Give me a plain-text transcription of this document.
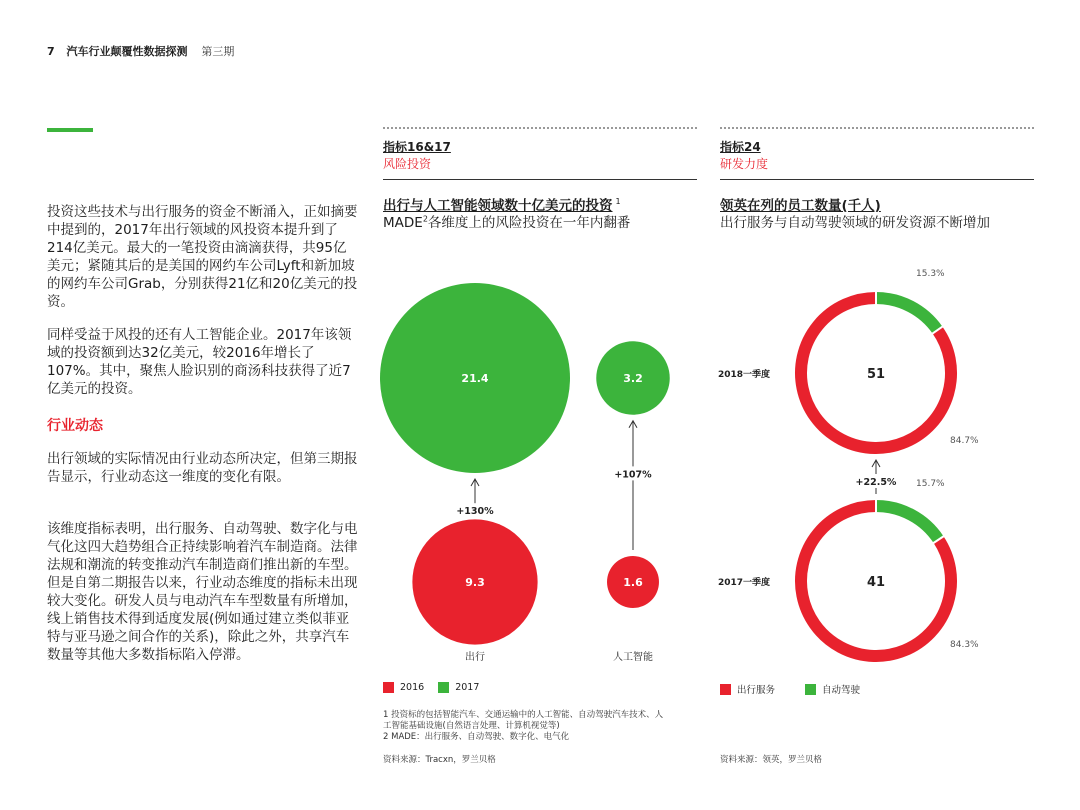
7 汽车行业颠覆性数据探测 第三期

投资这些技术与出行服务的资金不断涌入，正如摘要中提到的，2017年出行领域的风投资本提升到了214亿美元。最大的一笔投资由滴滴获得，共95亿美元；紧随其后的是美国的网约车公司Lyft和新加坡的网约车公司Grab，分别获得21亿和20亿美元的投资。

同样受益于风投的还有人工智能企业。2017年该领域的投资额到达32亿美元，较2016年增长了107%。其中，聚焦人脸识别的商汤科技获得了近7亿美元的投资。

行业动态

出行领域的实际情况由行业动态所决定，但第三期报告显示，行业动态这一维度的变化有限。

该维度指标表明，出行服务、自动驾驶、数字化与电气化这四大趋势组合正持续影响着汽车制造商。法律法规和潮流的转变推动汽车制造商们推出新的车型。但是自第二期报告以来，行业动态维度的指标未出现较大变化。研发人员与电动汽车车型数量有所增加，线上销售技术得到适度发展(例如通过建立类似菲亚特与亚马逊之间合作的关系)，除此之外，共享汽车数量等其他大多数指标陷入停滞。

指标16&17
风险投资
出行与人工智能领域数十亿美元的投资 $^1$
MADE$^2$各维度上的风险投资在一年内翻番
+130%
21.4
9.3
出行
+107%
3.2
1.6
人工智能
2016	2017
1 投资标的包括智能汽车、交通运输中的人工智能、自动驾驶汽车技术、人
工智能基础设施(自然语言处理、计算机视觉等)
2 MADE：出行服务、自动驾驶、数字化、电气化
资料来源：Tracxn，罗兰贝格
指标24
研发力度
领英在列的员工数量(千人)
出行服务与自动驾驶领域的研发资源不断增加
51
2018一季度
15.3%
84.7%
41
2017一季度
15.7%
84.3%
+22.5%
出行服务	自动驾驶
资料来源：领英，罗兰贝格
